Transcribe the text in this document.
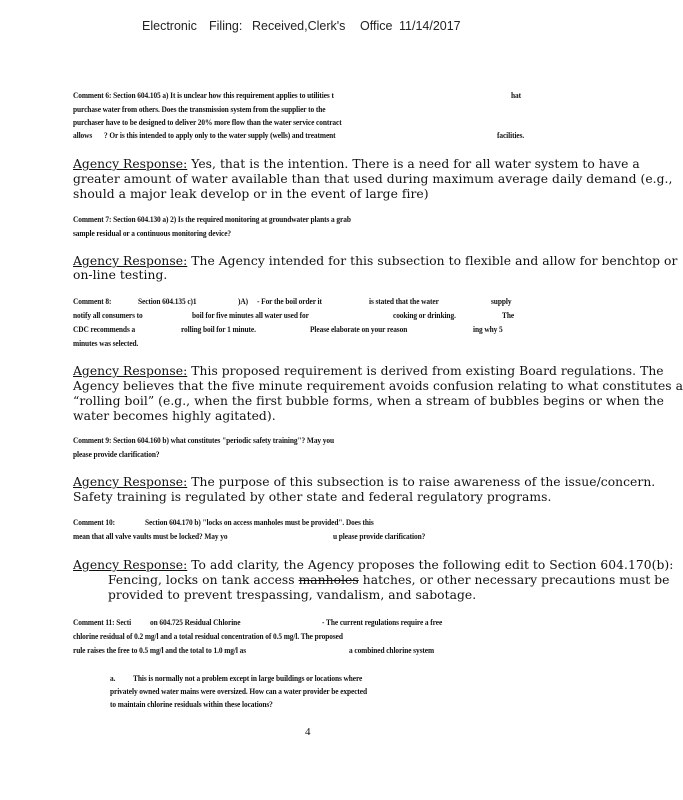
Electronic Filing: Received,Clerk's Office 11/14/2017
Comment 6: Section 604.105 a) It is unclear how this requirement applies to utilities t	hat
purchase water from others. Does the transmission system from the supplier to the
purchaser have to be designed to deliver 20% more flow than the water service contract
allows ? Or is this intended to apply only to the water supply (wells) and treatment	facilities.
Agency Response: Yes, that is the intention. There is a need for all water system to have a
greater amount of water available than that used during maximum average daily demand (e.g.,
should a major leak develop or in the event of large fire)
Comment 7: Section 604.130 a) 2) Is the required monitoring at groundwater plants a grab
sample residual or a continuous monitoring device?
Agency Response: The Agency intended for this subsection to flexible and allow for benchtop or
on-line testing.
Comment 8:	Section 604.135 c)1	)A) - For the boil order it	is stated that the water	supply
notify all consumers to	boil for five minutes all water used for	cooking or drinking.	The
CDC recommends a	rolling boil for 1 minute.	Please elaborate on your reason	ing why 5
minutes was selected.
Agency Response: This proposed requirement is derived from existing Board regulations. The
Agency believes that the five minute requirement avoids confusion relating to what constitutes a
“rolling boil” (e.g., when the first bubble forms, when a stream of bubbles begins or when the
water becomes highly agitated).
Comment 9: Section 604.160 b) what constitutes "periodic safety training"? May you
please provide clarification?
Agency Response: The purpose of this subsection is to raise awareness of the issue/concern.
Safety training is regulated by other state and federal regulatory programs.
Comment 10:	Section 604.170 b) "locks on access manholes must be provided". Does this
mean that all valve vaults must be locked? May yo	u please provide clarification?
Agency Response: To add clarity, the Agency proposes the following edit to Section 604.170(b):
Fencing, locks on tank access manholes hatches, or other necessary precautions must be
provided to prevent trespassing, vandalism, and sabotage.
Comment 11: Secti on 604.725 Residual Chlorine	- The current regulations require a free
chlorine residual of 0.2 mg/l and a total residual concentration of 0.5 mg/l. The proposed
rule raises the free to 0.5 mg/l and the total to 1.0 mg/l as	a combined chlorine system
a. This is normally not a problem except in large buildings or locations where
privately owned water mains were oversized. How can a water provider be expected
to maintain chlorine residuals within these locations?
4
